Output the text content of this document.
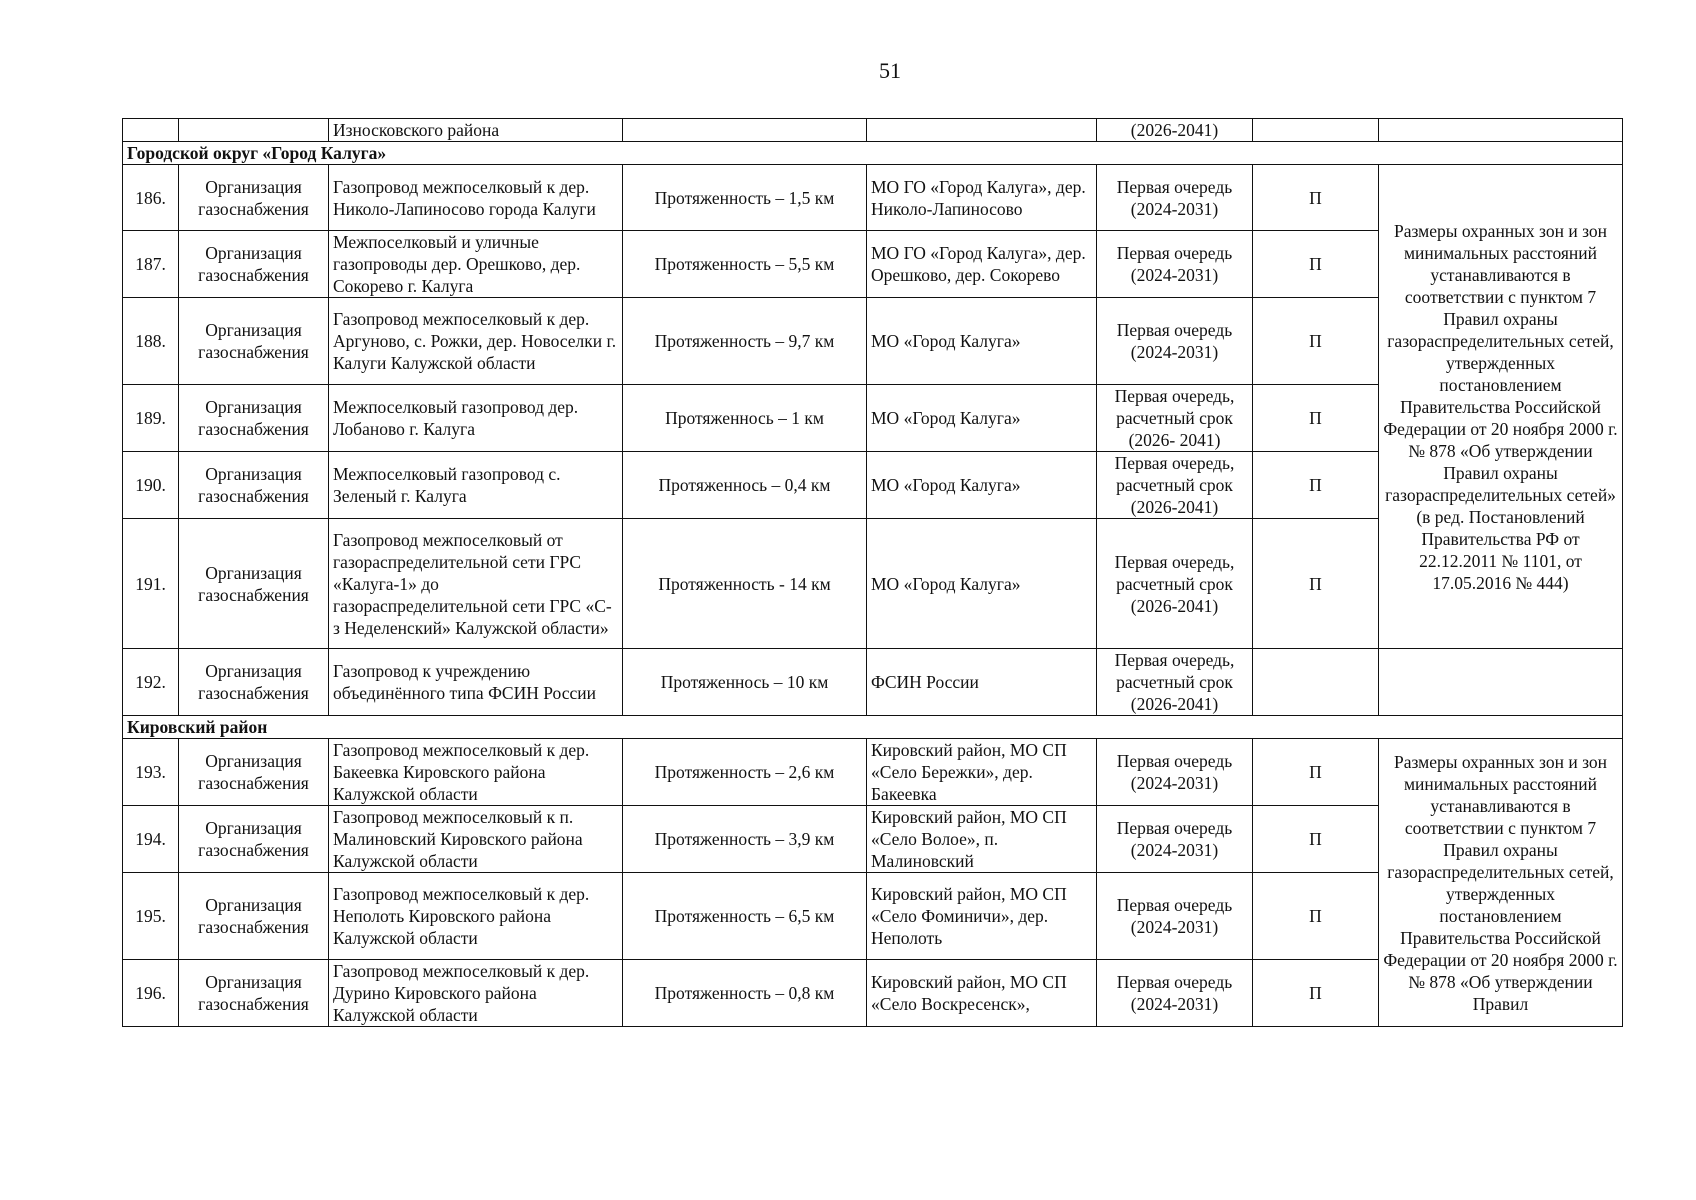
51
		Износковского района			(2026-2041)		
Городской округ «Город Калуга»							
186.	Организация газоснабжения	Газопровод межпоселковый к дер. Николо-Лапиносово города Калуги	Протяженность – 1,5 км	МО ГО «Город Калуга», дер. Николо-Лапиносово	Первая очередь (2024-2031)	П	Размеры охранных зон и зон минимальных расстояний устанавливаются в соответствии с пунктом 7 Правил охраны газораспределительных сетей, утвержденных постановлением Правительства Российской Федерации от 20 ноября 2000 г. № 878 «Об утверждении Правил охраны газораспределительных сетей» (в ред. Постановлений Правительства РФ от 22.12.2011 № 1101, от 17.05.2016 № 444)
187.	Организация газоснабжения	Межпоселковый и уличные газопроводы дер. Орешково, дер. Сокорево г. Калуга	Протяженность – 5,5 км	МО ГО «Город Калуга», дер. Орешково, дер. Сокорево	Первая очередь (2024-2031)	П	
188.	Организация газоснабжения	Газопровод межпоселковый к дер. Аргуново, с. Рожки, дер. Новоселки г. Калуги Калужской области	Протяженность – 9,7 км	МО «Город Калуга»	Первая очередь (2024-2031)	П	
189.	Организация газоснабжения	Межпоселковый газопровод дер. Лобаново г. Калуга	Протяженнось – 1 км	МО «Город Калуга»	Первая очередь, расчетный срок (2026- 2041)	П	
190.	Организация газоснабжения	Межпоселковый газопровод с. Зеленый г. Калуга	Протяженнось – 0,4 км	МО «Город Калуга»	Первая очередь, расчетный срок (2026-2041)	П	
191.	Организация газоснабжения	Газопровод межпоселковый от газораспределительной сети ГРС «Калуга-1» до газораспределительной сети ГРС «С-з Неделенский» Калужской области»	Протяженность - 14 км	МО «Город Калуга»	Первая очередь, расчетный срок (2026-2041)	П	
192.	Организация газоснабжения	Газопровод к учреждению объединённого типа ФСИН России	Протяженнось – 10 км	ФСИН России	Первая очередь, расчетный срок (2026-2041)		
Кировский район							
193.	Организация газоснабжения	Газопровод межпоселковый к дер. Бакеевка Кировского района Калужской области	Протяженность – 2,6 км	Кировский район, МО СП «Село Бережки», дер. Бакеевка	Первая очередь (2024-2031)	П	Размеры охранных зон и зон минимальных расстояний устанавливаются в соответствии с пунктом 7 Правил охраны газораспределительных сетей, утвержденных постановлением Правительства Российской Федерации от 20 ноября 2000 г. № 878 «Об утверждении Правил
194.	Организация газоснабжения	Газопровод межпоселковый к п. Малиновский Кировского района Калужской области	Протяженность – 3,9 км	Кировский район, МО СП «Село Волое», п. Малиновский	Первая очередь (2024-2031)	П	
195.	Организация газоснабжения	Газопровод межпоселковый к дер. Неполоть Кировского района Калужской области	Протяженность – 6,5 км	Кировский район, МО СП «Село Фоминичи», дер. Неполоть	Первая очередь (2024-2031)	П	
196.	Организация газоснабжения	Газопровод межпоселковый к дер. Дурино Кировского района Калужской области	Протяженность – 0,8 км	Кировский район, МО СП «Село Воскресенск»,	Первая очередь (2024-2031)	П	
